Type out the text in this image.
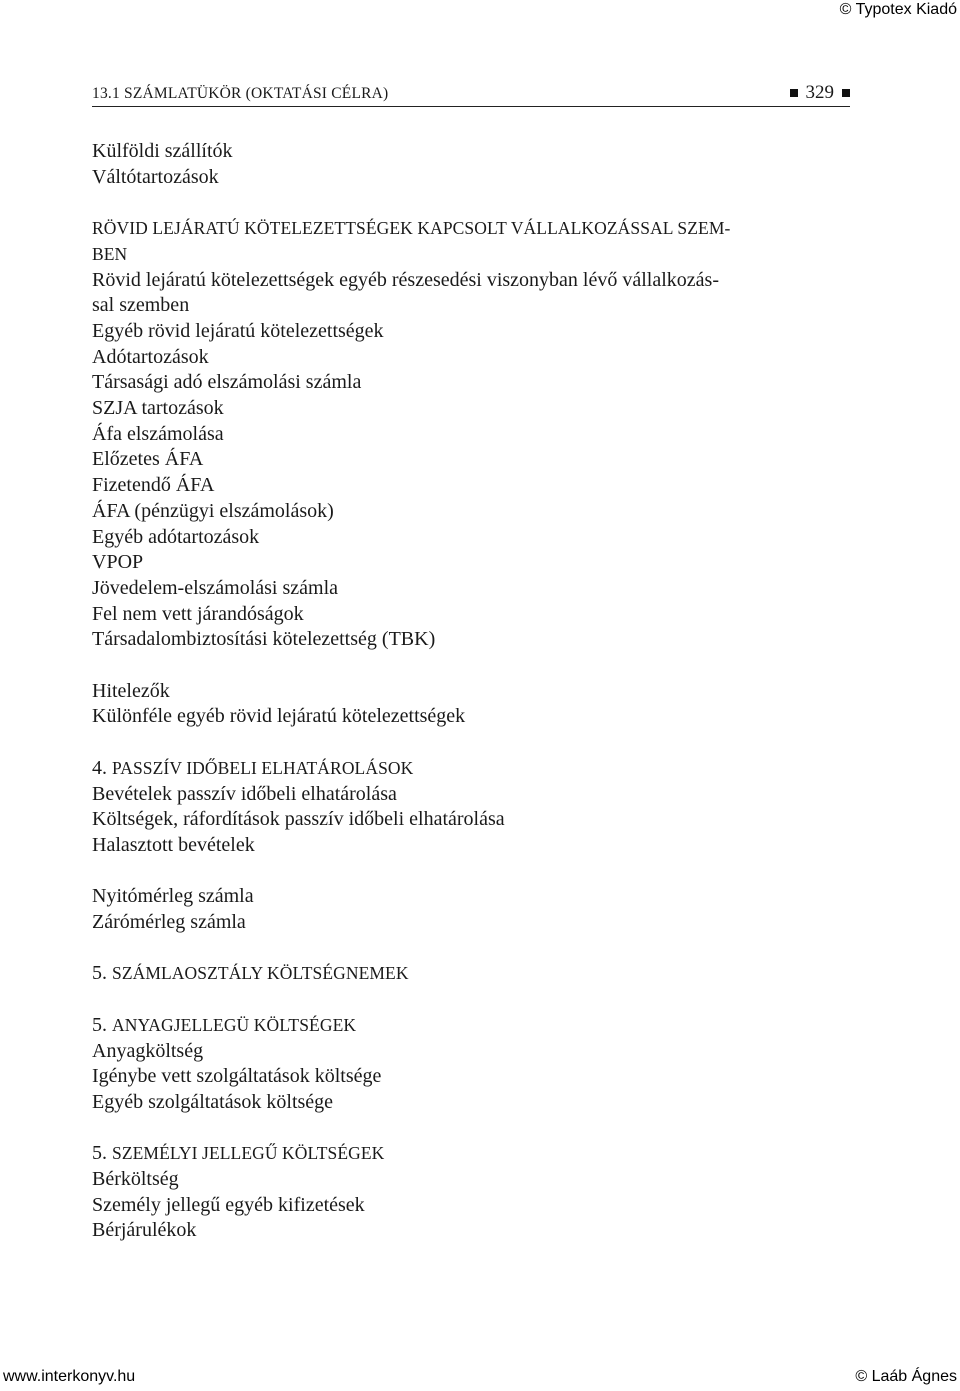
© Typotex Kiadó
13.1 SZÁMLATÜKÖR (OKTATÁSI CÉLRA)	329
Külföldi szállítók
Váltótartozások
RÖVID LEJÁRATÚ KÖTELEZETTSÉGEK KAPCSOLT VÁLLALKOZÁSSAL SZEM-
BEN
Rövid lejáratú kötelezettségek egyéb részesedési viszonyban lévő vállalkozás-
sal szemben
Egyéb rövid lejáratú kötelezettségek
Adótartozások
Társasági adó elszámolási számla
SZJA tartozások
Áfa elszámolása
Előzetes ÁFA
Fizetendő ÁFA
ÁFA (pénzügyi elszámolások)
Egyéb adótartozások
VPOP
Jövedelem-elszámolási számla
Fel nem vett járandóságok
Társadalombiztosítási kötelezettség (TBK)
Hitelezők
Különféle egyéb rövid lejáratú kötelezettségek
4. PASSZÍV IDŐBELI ELHATÁROLÁSOK
Bevételek passzív időbeli elhatárolása
Költségek, ráfordítások passzív időbeli elhatárolása
Halasztott bevételek
Nyitómérleg számla
Zárómérleg számla
5. SZÁMLAOSZTÁLY KÖLTSÉGNEMEK
5. ANYAGJELLEGÜ KÖLTSÉGEK
Anyagköltség
Igénybe vett szolgáltatások költsége
Egyéb szolgáltatások költsége
5. SZEMÉLYI JELLEGŰ KÖLTSÉGEK
Bérköltség
Személy jellegű egyéb kifizetések
Bérjárulékok
www.interkonyv.hu	© Laáb Ágnes
